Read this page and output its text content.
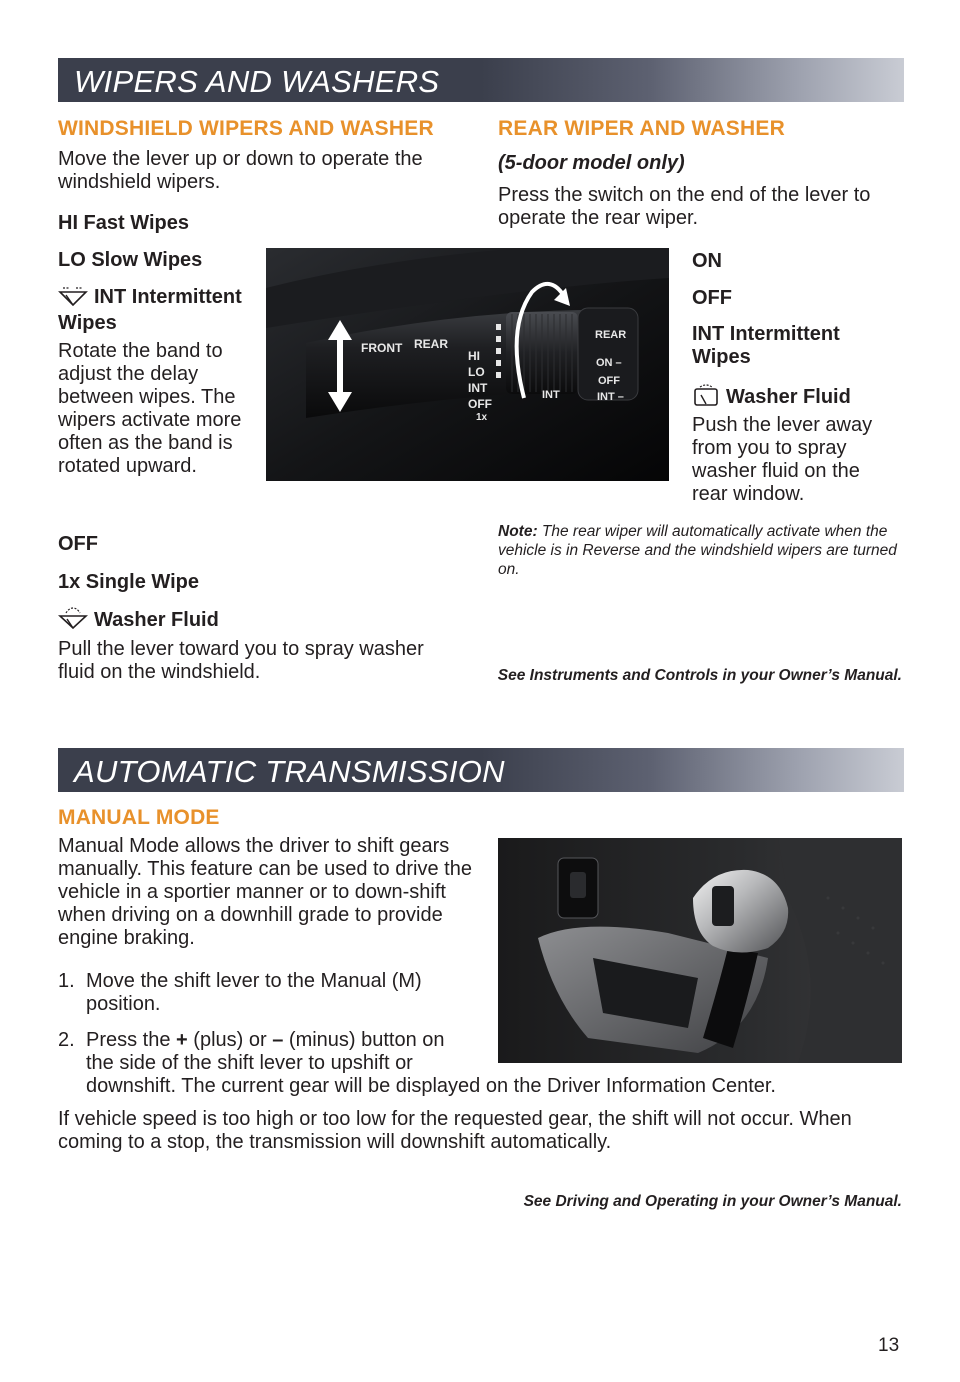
WIPERS AND WASHERS
WINDSHIELD WIPERS AND WASHER
Move the lever up or down to operate the windshield wipers.
HI Fast Wipes
LO Slow Wipes
INT Intermittent Wipes
Rotate the band to adjust the delay between wipes. The wipers activate more often as the band is rotated upward.
OFF
1x Single Wipe
Washer Fluid
Pull the lever toward you to spray washer fluid on the windshield.
REAR WIPER AND WASHER
(5-door model only)
Press the switch on the end of the lever to operate the rear wiper.
ON
OFF
INT Intermittent Wipes
Washer Fluid
Push the lever away from you to spray washer fluid on the rear window.
Note: The rear wiper will automatically activate when the vehicle is in Reverse and the windshield wipers are turned on.
See Instruments and Controls in your Owner’s Manual.
FRONT REAR
HI
LO
INT
OFF
1x
INT
REAR
ON –
OFF
INT –
AUTOMATIC TRANSMISSION
MANUAL MODE
Manual Mode allows the driver to shift gears manually. This feature can be used to drive the vehicle in a sportier manner or to down-shift when driving on a downhill grade to provide engine braking.
1. Move the shift lever to the Manual (M) position.
2. Press the + (plus) or – (minus) button on the side of the shift lever to upshift or
downshift. The current gear will be displayed on the Driver Information Center.
If vehicle speed is too high or too low for the requested gear, the shift will not occur. When coming to a stop, the transmission will downshift automatically.
See Driving and Operating in your Owner’s Manual.
13
